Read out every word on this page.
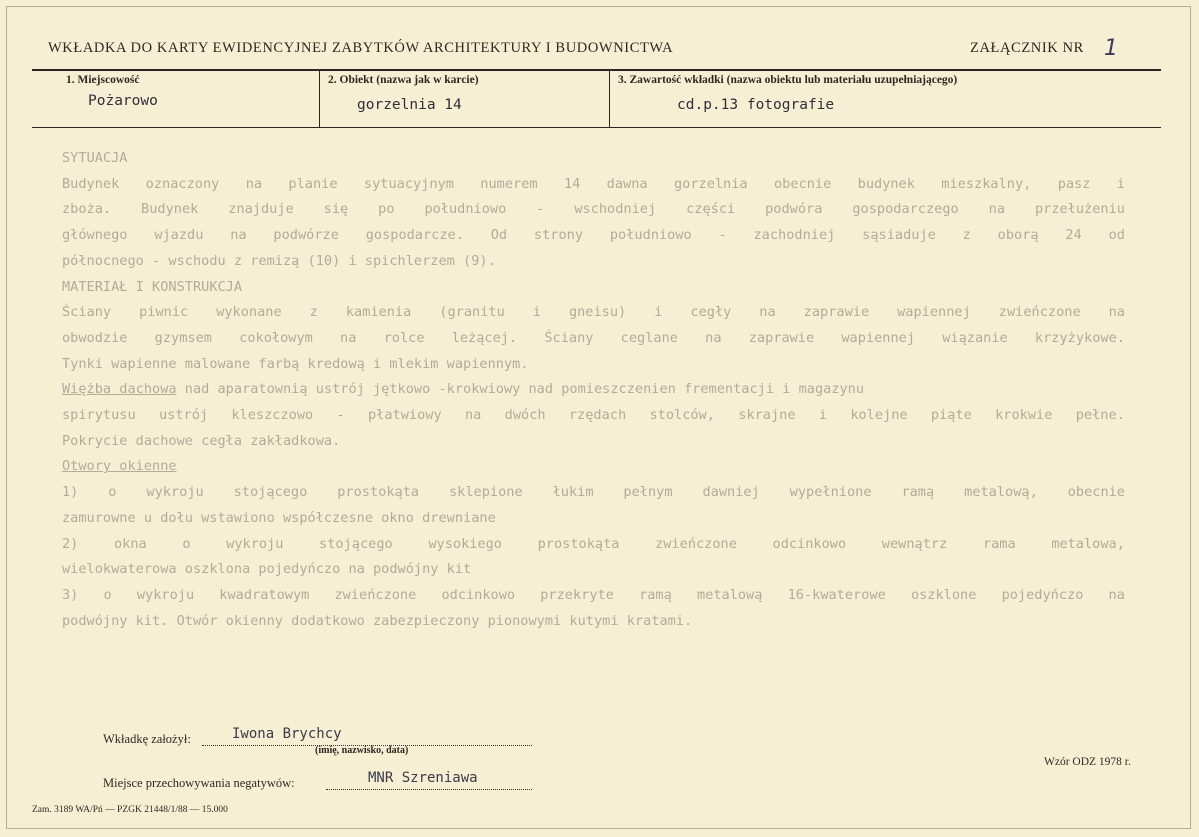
WKŁADKA DO KARTY EWIDENCYJNEJ ZABYTKÓW ARCHITEKTURY I BUDOWNICTWA	ZAŁĄCZNIK NR 1
1. Miejscowość
Pożarowo
2. Obiekt (nazwa jak w karcie)
gorzelnia 14
3. Zawartość wkładki (nazwa obiektu lub materiału uzupełniającego)
cd.p.13 fotografie
SYTUACJA
Budynek oznaczony na planie sytuacyjnym numerem 14 dawna gorzelnia obecnie budynek mieszkalny, pasz i
zboża. Budynek znajduje się po południowo - wschodniej części podwóra gospodarczego na przełużeniu
głównego wjazdu na podwórze gospodarcze. Od strony południowo - zachodniej sąsiaduje z oborą 24 od
północnego - wschodu z remizą (10) i spichlerzem (9).
MATERIAŁ I KONSTRUKCJA
Ściany piwnic wykonane z kamienia (granitu i gneisu) i cegły na zaprawie wapiennej zwieńczone na
obwodzie gzymsem cokołowym na rolce leżącej. Ściany ceglane na zaprawie wapiennej wiązanie krzyżykowe.
Tynki wapienne malowane farbą kredową i mlekim wapiennym.
Więżba dachowa nad aparatownią ustrój jętkowo -krokwiowy nad pomieszczenien frementacji i magazynu
spirytusu ustrój kleszczowo - płatwiowy na dwóch rzędach stolców, skrajne i kolejne piąte krokwie pełne.
Pokrycie dachowe cegła zakładkowa.
Otwory okienne
1) o wykroju stojącego prostokąta sklepione łukim pełnym dawniej wypełnione ramą metalową, obecnie
zamurowne u dołu wstawiono współczesne okno drewniane
2)	okna	o	wykroju	stojącego	wysokiego	prostokąta	zwieńczone	odcinkowo	wewnątrz	rama	metalowa,
wielokwaterowa oszklona pojedyńczo na podwójny kit
3) o wykroju kwadratowym zwieńczone odcinkowo przekryte ramą metalową 16-kwaterowe oszklone pojedyńczo na
podwójny kit. Otwór okienny dodatkowo zabezpieczony pionowymi kutymi kratami.
Wkładkę założył:	Iwona Brychcy
(imię, nazwisko, data)
Miejsce przechowywania negatywów:	MNR Szreniawa
Wzór ODZ 1978 r.
Zam. 3189 WA/Pń — PZGK 21448/1/88 — 15.000
